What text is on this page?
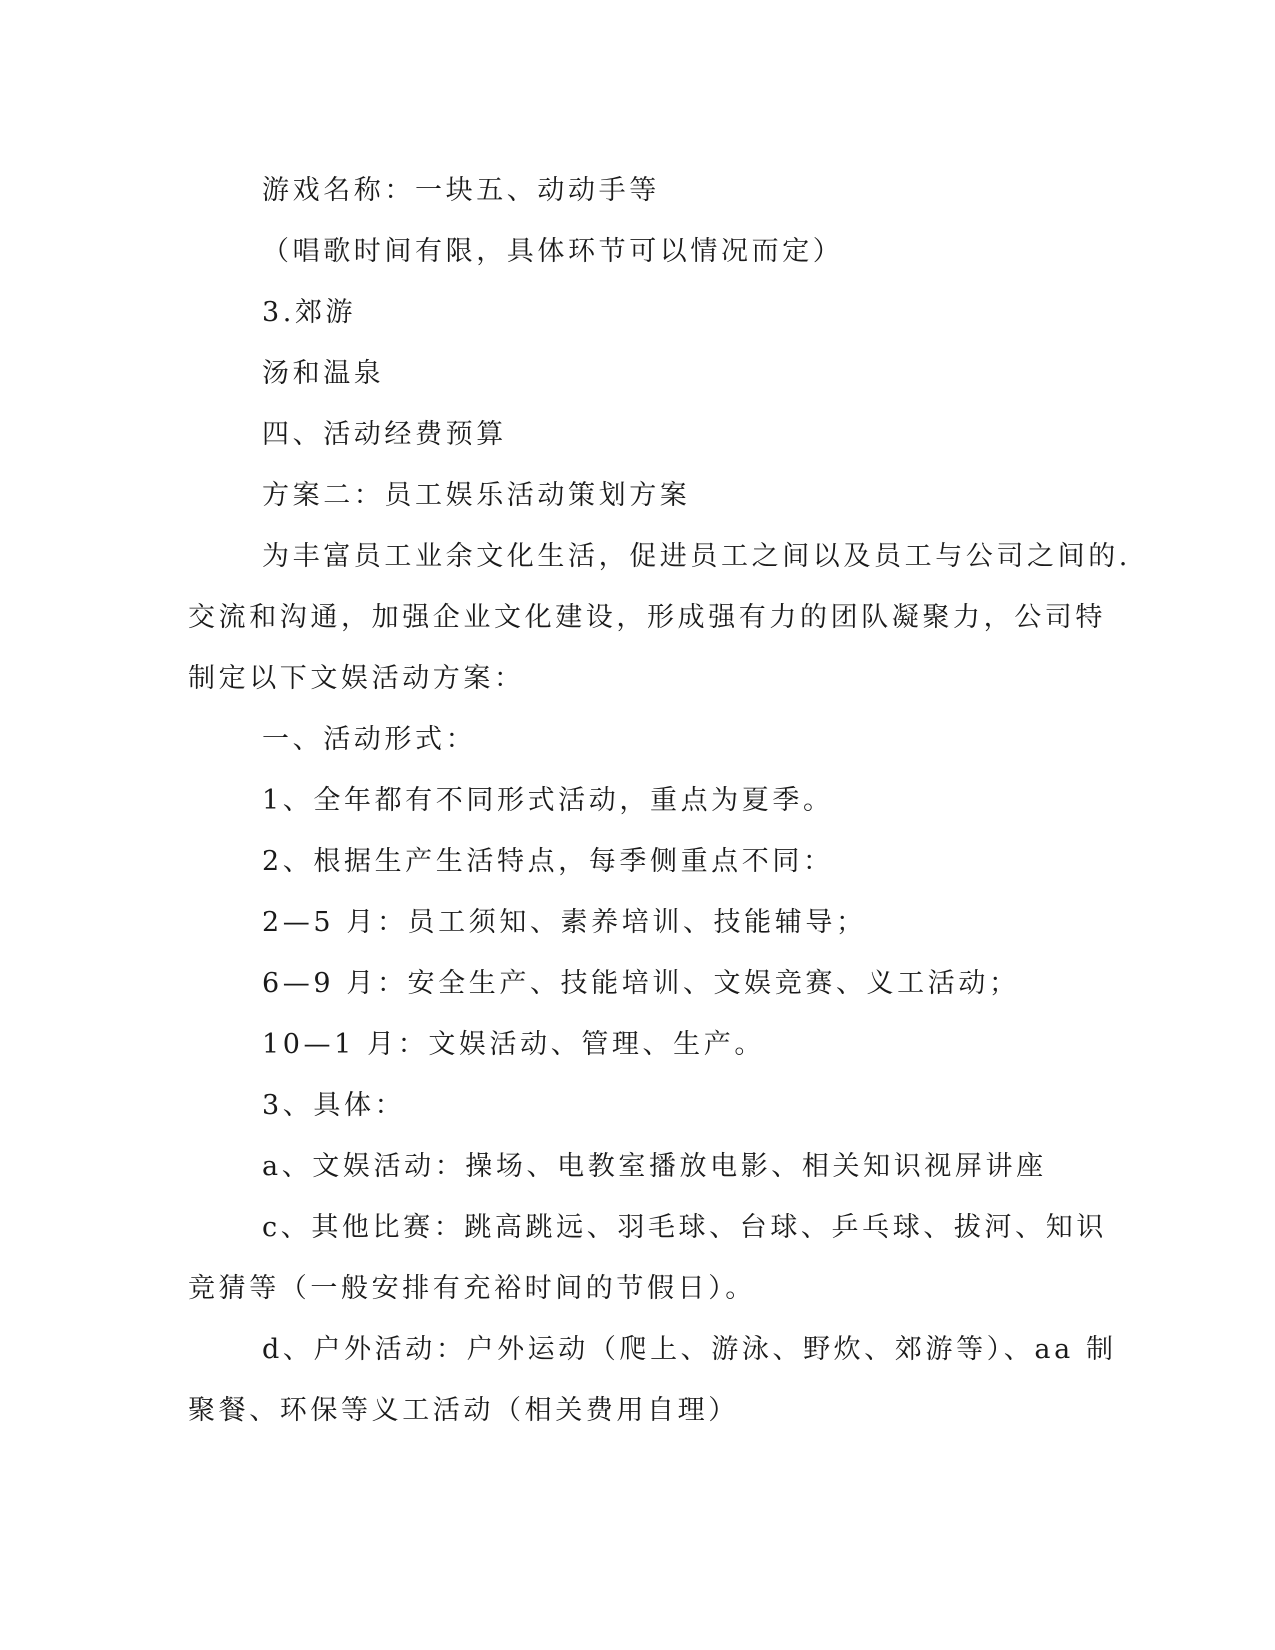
游戏名称：一块五、动动手等
（唱歌时间有限，具体环节可以情况而定）
3.郊游
汤和温泉
四、活动经费预算
方案二：员工娱乐活动策划方案
为丰富员工业余文化生活，促进员工之间以及员工与公司之间的.
交流和沟通，加强企业文化建设，形成强有力的团队凝聚力，公司特
制定以下文娱活动方案：
一、活动形式：
1、全年都有不同形式活动，重点为夏季。
2、根据生产生活特点，每季侧重点不同：
2—5 月：员工须知、素养培训、技能辅导；
6—9 月：安全生产、技能培训、文娱竞赛、义工活动；
10—1 月：文娱活动、管理、生产。
3、具体：
a、文娱活动：操场、电教室播放电影、相关知识视屏讲座
c、其他比赛：跳高跳远、羽毛球、台球、乒乓球、拔河、知识
竞猜等（一般安排有充裕时间的节假日）。
d、户外活动：户外运动（爬上、游泳、野炊、郊游等）、aa 制
聚餐、环保等义工活动（相关费用自理）
